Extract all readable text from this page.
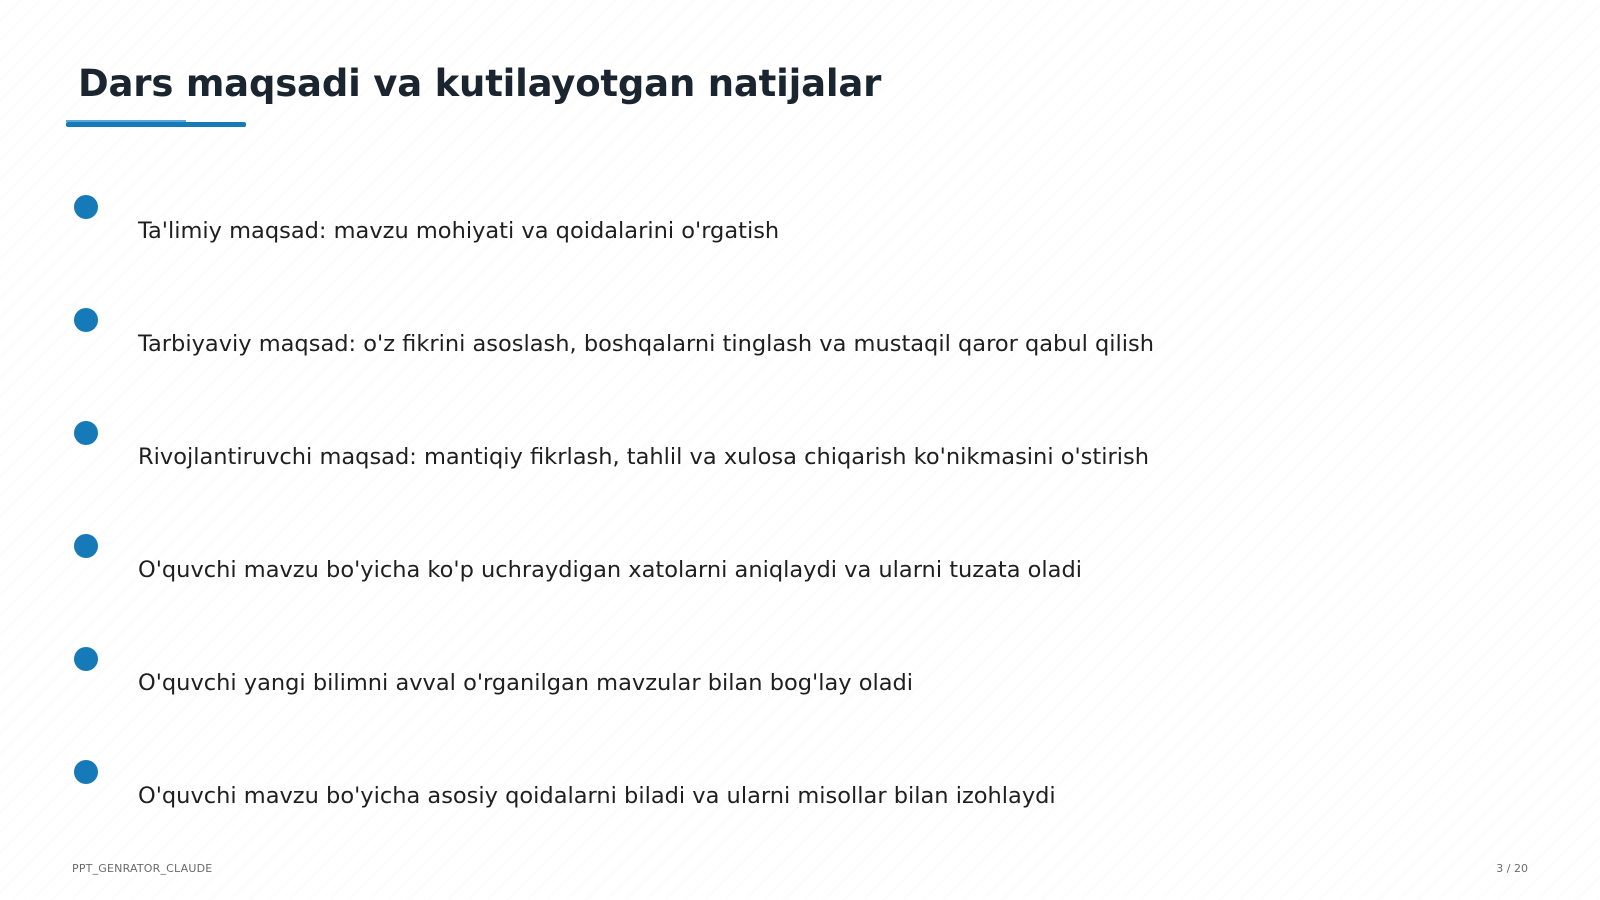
Dars maqsadi va kutilayotgan natijalar
Ta'limiy maqsad: mavzu mohiyati va qoidalarini o'rgatish
Tarbiyaviy maqsad: o'z fikrini asoslash, boshqalarni tinglash va mustaqil qaror qabul qilish
Rivojlantiruvchi maqsad: mantiqiy fikrlash, tahlil va xulosa chiqarish ko'nikmasini o'stirish
O'quvchi mavzu bo'yicha ko'p uchraydigan xatolarni aniqlaydi va ularni tuzata oladi
O'quvchi yangi bilimni avval o'rganilgan mavzular bilan bog'lay oladi
O'quvchi mavzu bo'yicha asosiy qoidalarni biladi va ularni misollar bilan izohlaydi
PPT_GENRATOR_CLAUDE	3 / 20
